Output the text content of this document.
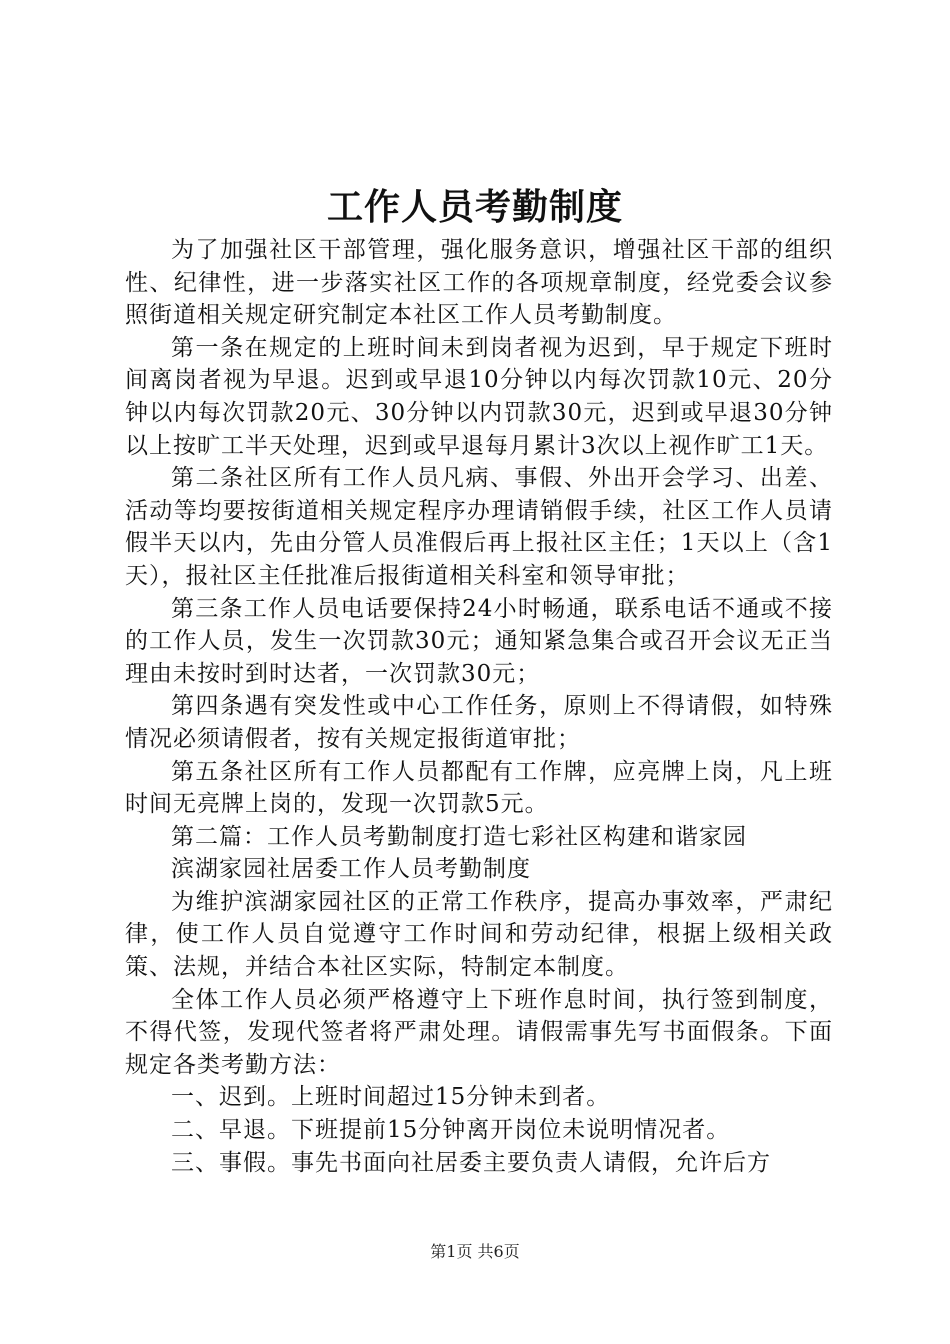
工作人员考勤制度

为了加强社区干部管理，强化服务意识，增强社区干部的组织性、纪律性，进一步落实社区工作的各项规章制度，经党委会议参照街道相关规定研究制定本社区工作人员考勤制度。

第一条在规定的上班时间未到岗者视为迟到，早于规定下班时间离岗者视为早退。迟到或早退10分钟以内每次罚款10元、20分钟以内每次罚款20元、30分钟以内罚款30元，迟到或早退30分钟以上按旷工半天处理，迟到或早退每月累计3次以上视作旷工1天。

第二条社区所有工作人员凡病、事假、外出开会学习、出差、活动等均要按街道相关规定程序办理请销假手续，社区工作人员请假半天以内，先由分管人员准假后再上报社区主任；1天以上（含1天），报社区主任批准后报街道相关科室和领导审批；

第三条工作人员电话要保持24小时畅通，联系电话不通或不接的工作人员，发生一次罚款30元；通知紧急集合或召开会议无正当理由未按时到时达者，一次罚款30元；

第四条遇有突发性或中心工作任务，原则上不得请假，如特殊情况必须请假者，按有关规定报街道审批；

第五条社区所有工作人员都配有工作牌，应亮牌上岗，凡上班时间无亮牌上岗的，发现一次罚款5元。

第二篇：工作人员考勤制度打造七彩社区构建和谐家园

滨湖家园社居委工作人员考勤制度

为维护滨湖家园社区的正常工作秩序，提高办事效率，严肃纪律，使工作人员自觉遵守工作时间和劳动纪律，根据上级相关政策、法规，并结合本社区实际，特制定本制度。

全体工作人员必须严格遵守上下班作息时间，执行签到制度，不得代签，发现代签者将严肃处理。请假需事先写书面假条。下面规定各类考勤方法：

一、迟到。上班时间超过15分钟未到者。

二、早退。下班提前15分钟离开岗位未说明情况者。

三、事假。事先书面向社居委主要负责人请假，允许后方

第1页 共6页
